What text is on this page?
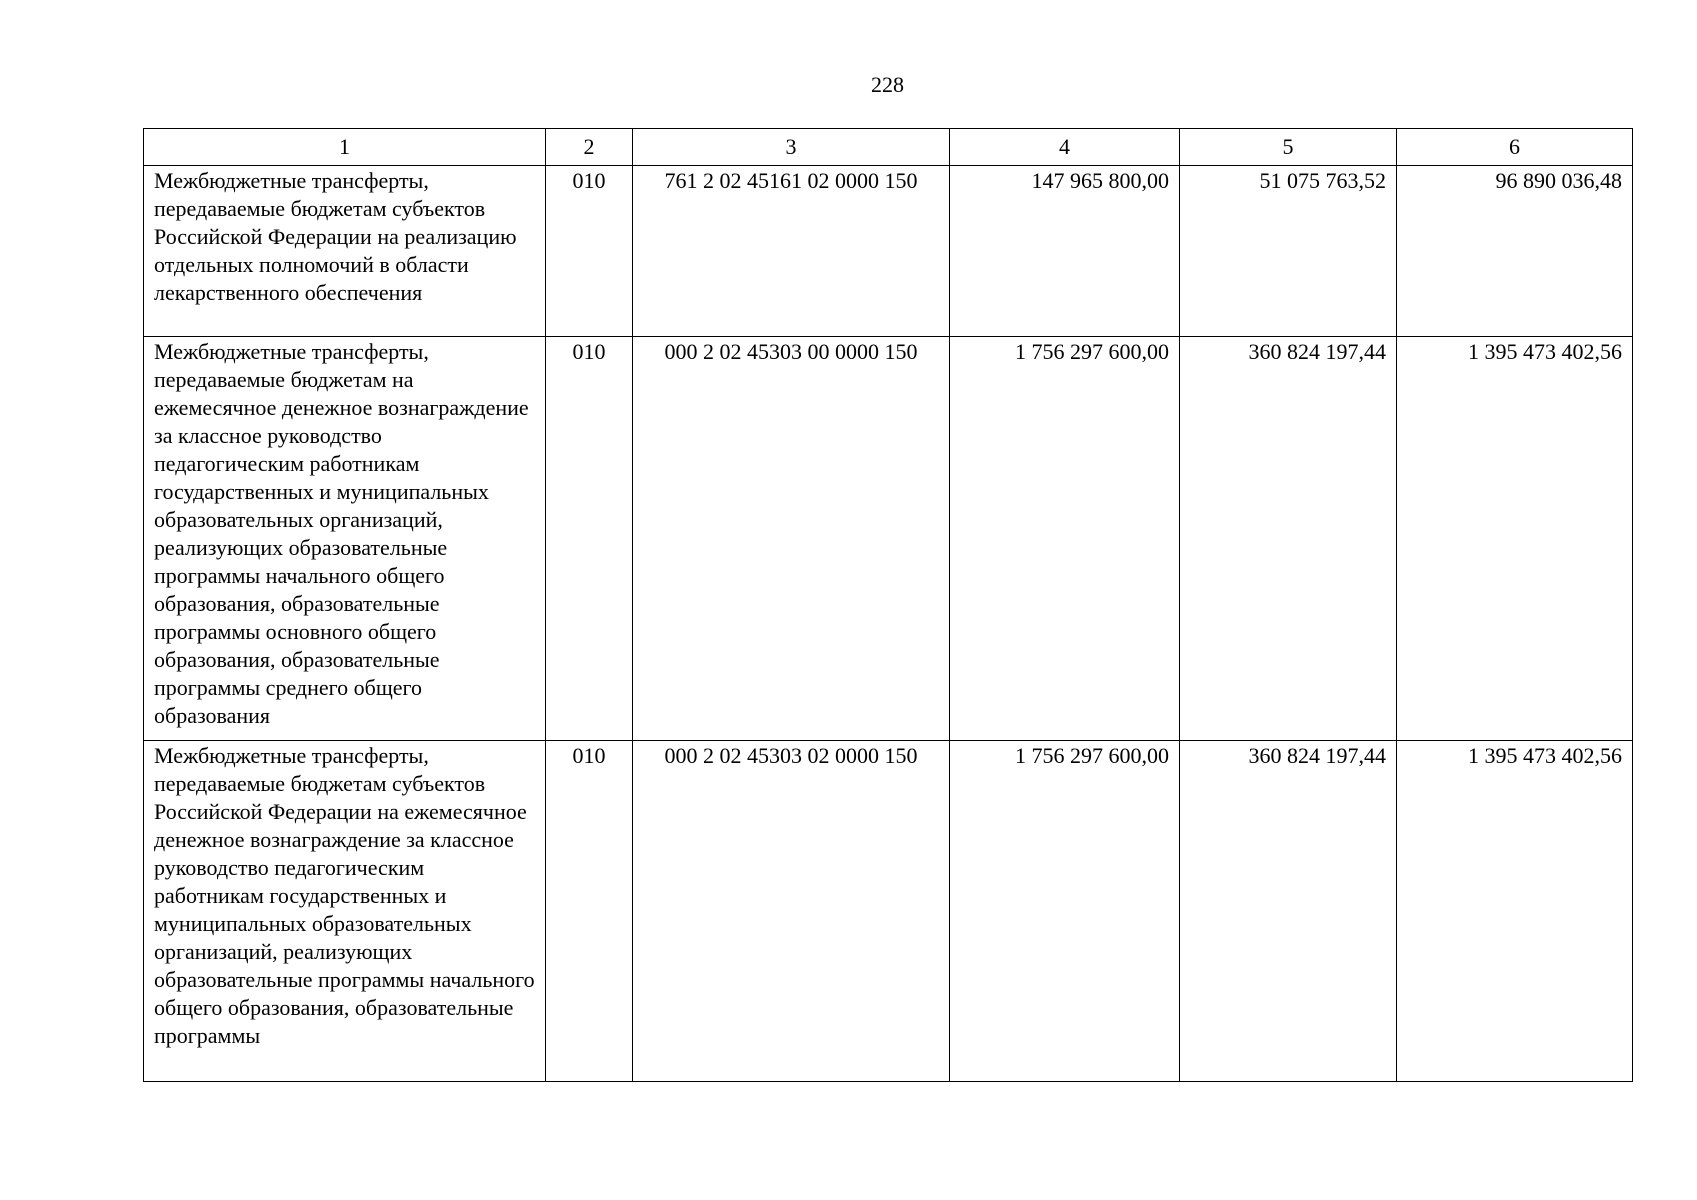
228
1	2	3	4	5	6

Межбюджетные трансферты, передаваемые бюджетам субъектов Российской Федерации на реализацию отдельных полномочий в области лекарственного обеспечения	010	761 2 02 45161 02 0000 150	147 965 800,00	51 075 763,52	96 890 036,48

Межбюджетные трансферты, передаваемые бюджетам на ежемесячное денежное вознаграждение за классное руководство педагогическим работникам государственных и муниципальных образовательных организаций, реализующих образовательные программы начального общего образования, образовательные программы основного общего образования, образовательные программы среднего общего образования	010	000 2 02 45303 00 0000 150	1 756 297 600,00	360 824 197,44	1 395 473 402,56

Межбюджетные трансферты, передаваемые бюджетам субъектов Российской Федерации на ежемесячное денежное вознаграждение за классное руководство педагогическим работникам государственных и муниципальных образовательных организаций, реализующих образовательные программы начального общего образования, образовательные программы	010	000 2 02 45303 02 0000 150	1 756 297 600,00	360 824 197,44	1 395 473 402,56
